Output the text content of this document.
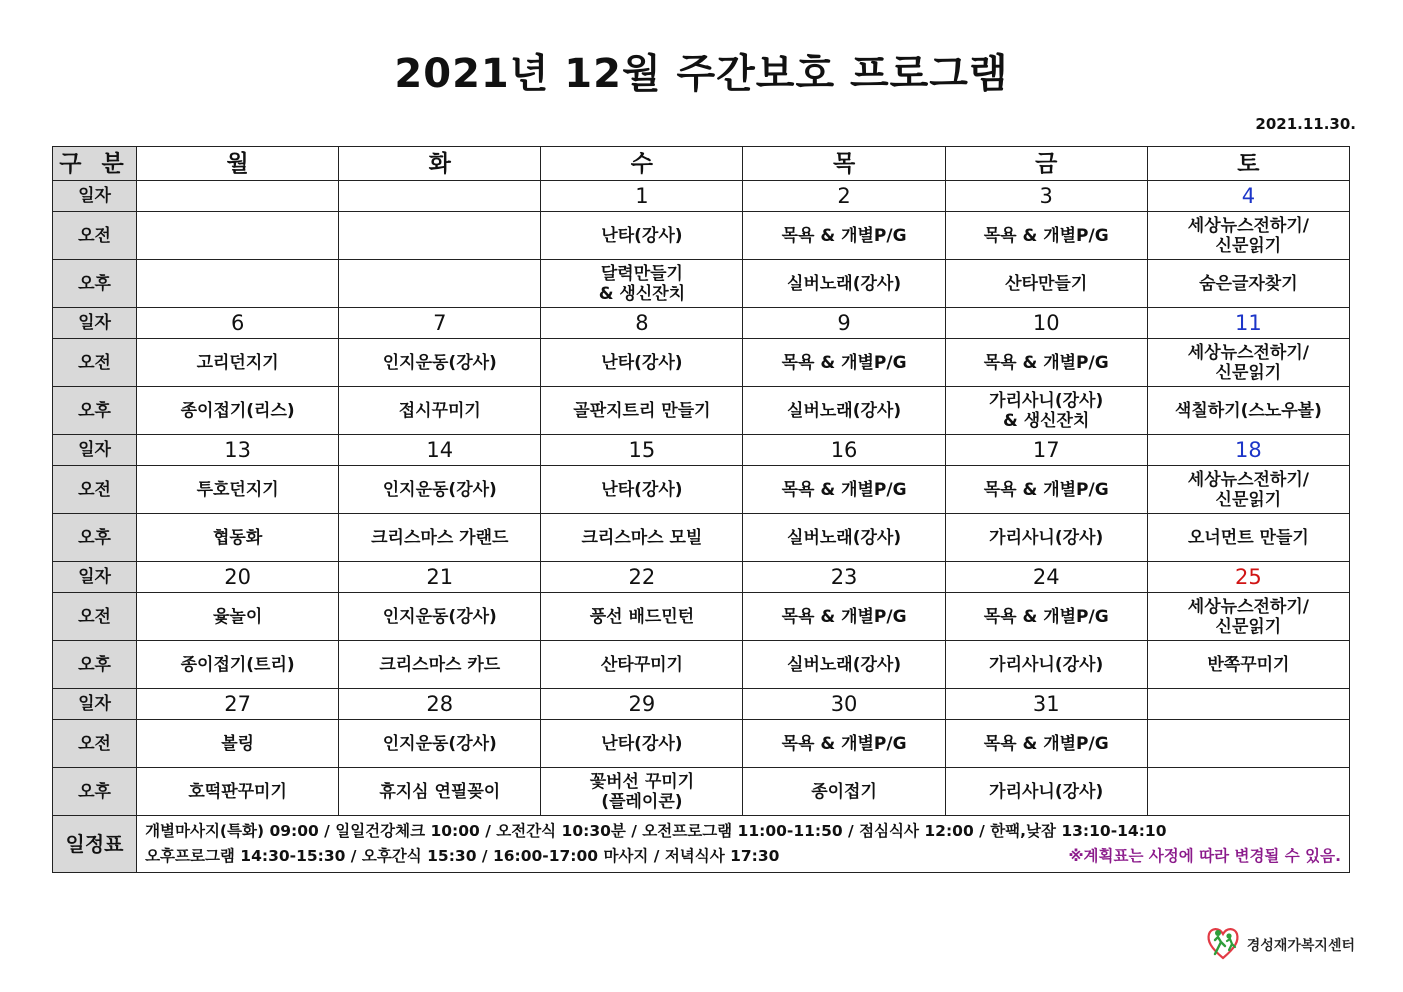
2021년 12월 주간보호 프로그램
2021.11.30.
구 분	월	화	수	목	금	토
일자			1	2	3	4
오전			난타(강사)	목욕 & 개별P/G	목욕 & 개별P/G	세상뉴스전하기/
신문읽기
오후			달력만들기
& 생신잔치	실버노래(강사)	산타만들기	숨은글자찾기
일자	6	7	8	9	10	11
오전	고리던지기	인지운동(강사)	난타(강사)	목욕 & 개별P/G	목욕 & 개별P/G	세상뉴스전하기/
신문읽기
오후	종이접기(리스)	접시꾸미기	골판지트리 만들기	실버노래(강사)	가리사니(강사)
& 생신잔치	색칠하기(스노우볼)
일자	13	14	15	16	17	18
오전	투호던지기	인지운동(강사)	난타(강사)	목욕 & 개별P/G	목욕 & 개별P/G	세상뉴스전하기/
신문읽기
오후	협동화	크리스마스 가랜드	크리스마스 모빌	실버노래(강사)	가리사니(강사)	오너먼트 만들기
일자	20	21	22	23	24	25
오전	윷놀이	인지운동(강사)	풍선 배드민턴	목욕 & 개별P/G	목욕 & 개별P/G	세상뉴스전하기/
신문읽기
오후	종이접기(트리)	크리스마스 카드	산타꾸미기	실버노래(강사)	가리사니(강사)	반쪽꾸미기
일자	27	28	29	30	31	
오전	볼링	인지운동(강사)	난타(강사)	목욕 & 개별P/G	목욕 & 개별P/G	
오후	호떡판꾸미기	휴지심 연필꽂이	꽃버선 꾸미기
(플레이콘)	종이접기	가리사니(강사)	
일정표	개별마사지(특화) 09:00 / 일일건강체크 10:00 / 오전간식 10:30분 / 오전프로그램 11:00-11:50 / 점심식사 12:00 / 한팩,낮잠 13:10-14:10
※계획표는 사정에 따라 변경될 수 있음.
오후프로그램 14:30-15:30 / 오후간식 15:30 / 16:00-17:00 마사지 / 저녁식사 17:30					
경성재가복지센터
